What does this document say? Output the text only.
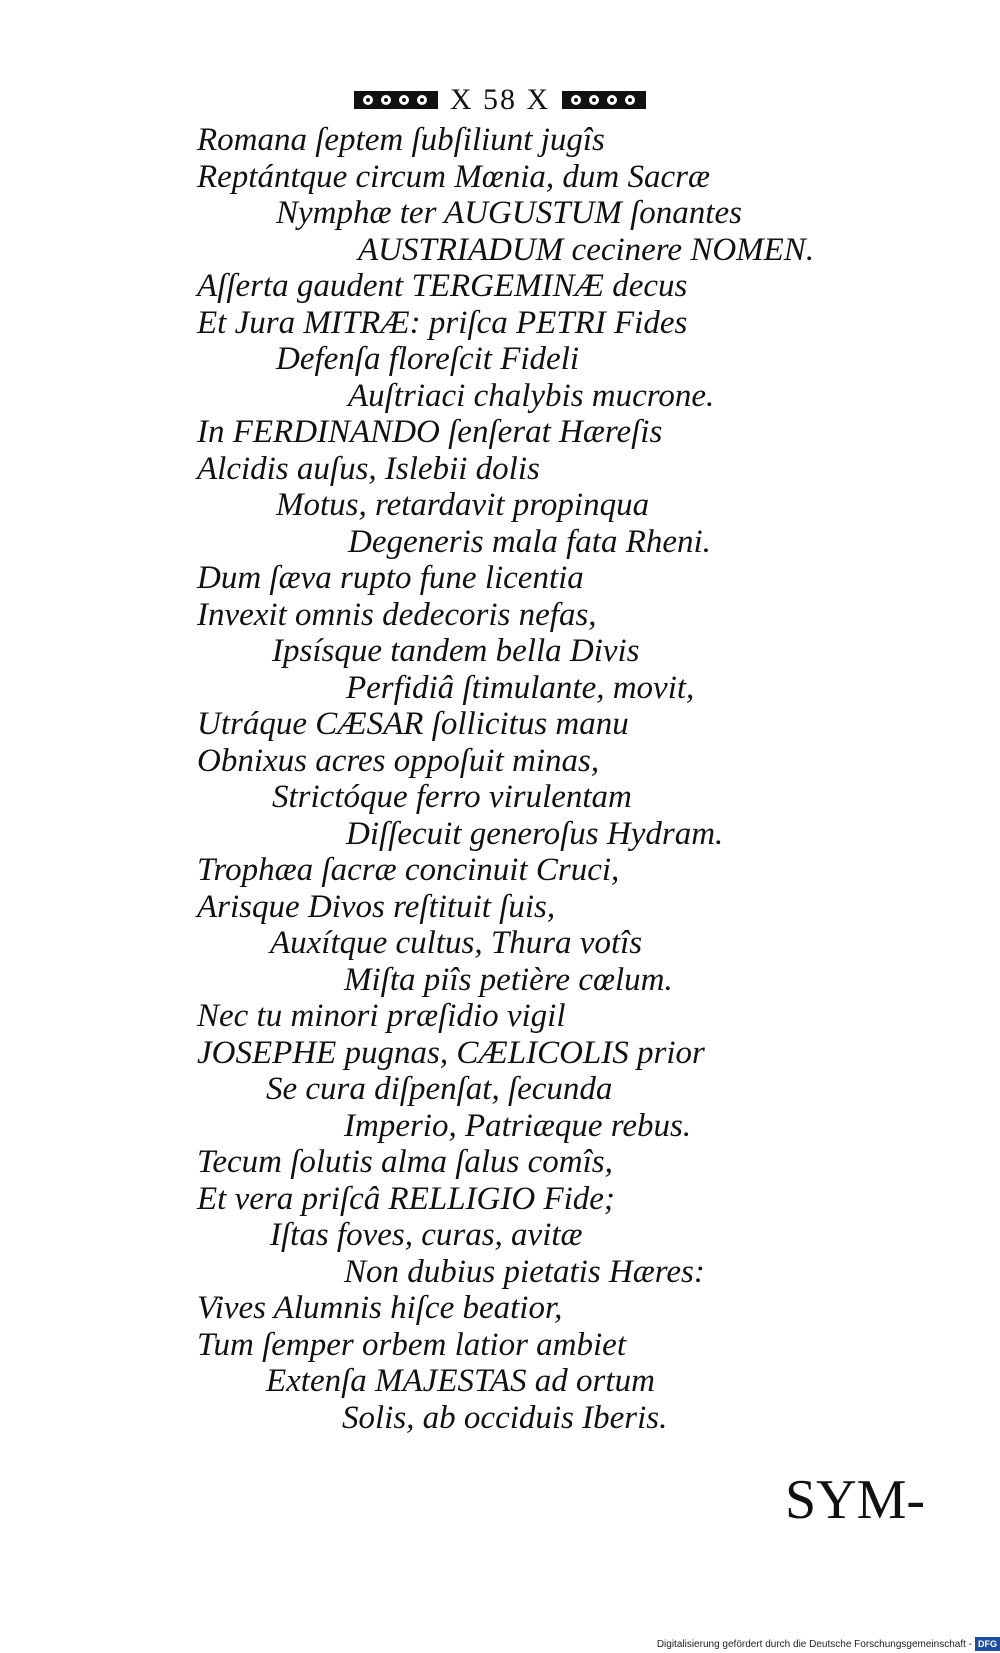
X 58 X
Romana ſeptem ſubſiliunt jugîs
Reptántque circum Mœnia, dum Sacræ
Nymphæ ter AUGUSTUM ſonantes
AUSTRIADUM cecinere NOMEN.
Aſſerta gaudent TERGEMINÆ decus
Et Jura MITRÆ: priſca PETRI Fides
Defenſa floreſcit Fideli
Auſtriaci chalybis mucrone.
In FERDINANDO ſenſerat Hæreſis
Alcidis auſus, Islebii dolis
Motus, retardavit propinqua
Degeneris mala fata Rheni.
Dum ſæva rupto fune licentia
Invexit omnis dedecoris nefas,
Ipsísque tandem bella Divis
Perfidiâ ſtimulante, movit,
Utráque CÆSAR ſollicitus manu
Obnixus acres oppoſuit minas,
Strictóque ferro virulentam
Diſſecuit generoſus Hydram.
Trophæa ſacræ concinuit Cruci,
Arisque Divos reſtituit ſuis,
Auxítque cultus, Thura votîs
Miſta piîs petière cœlum.
Nec tu minori præſidio vigil
JOSEPHE pugnas, CÆLICOLIS prior
Se cura diſpenſat, ſecunda
Imperio, Patriæque rebus.
Tecum ſolutis alma ſalus comîs,
Et vera priſcâ RELLIGIO Fide;
Iſtas foves, curas, avitæ
Non dubius pietatis Hæres:
Vives Alumnis hiſce beatior,
Tum ſemper orbem latior ambiet
Extenſa MAJESTAS ad ortum
Solis, ab occiduis Iberis.
SYM-
Digitalisierung gefördert durch die Deutsche Forschungsgemeinschaft - DFG
